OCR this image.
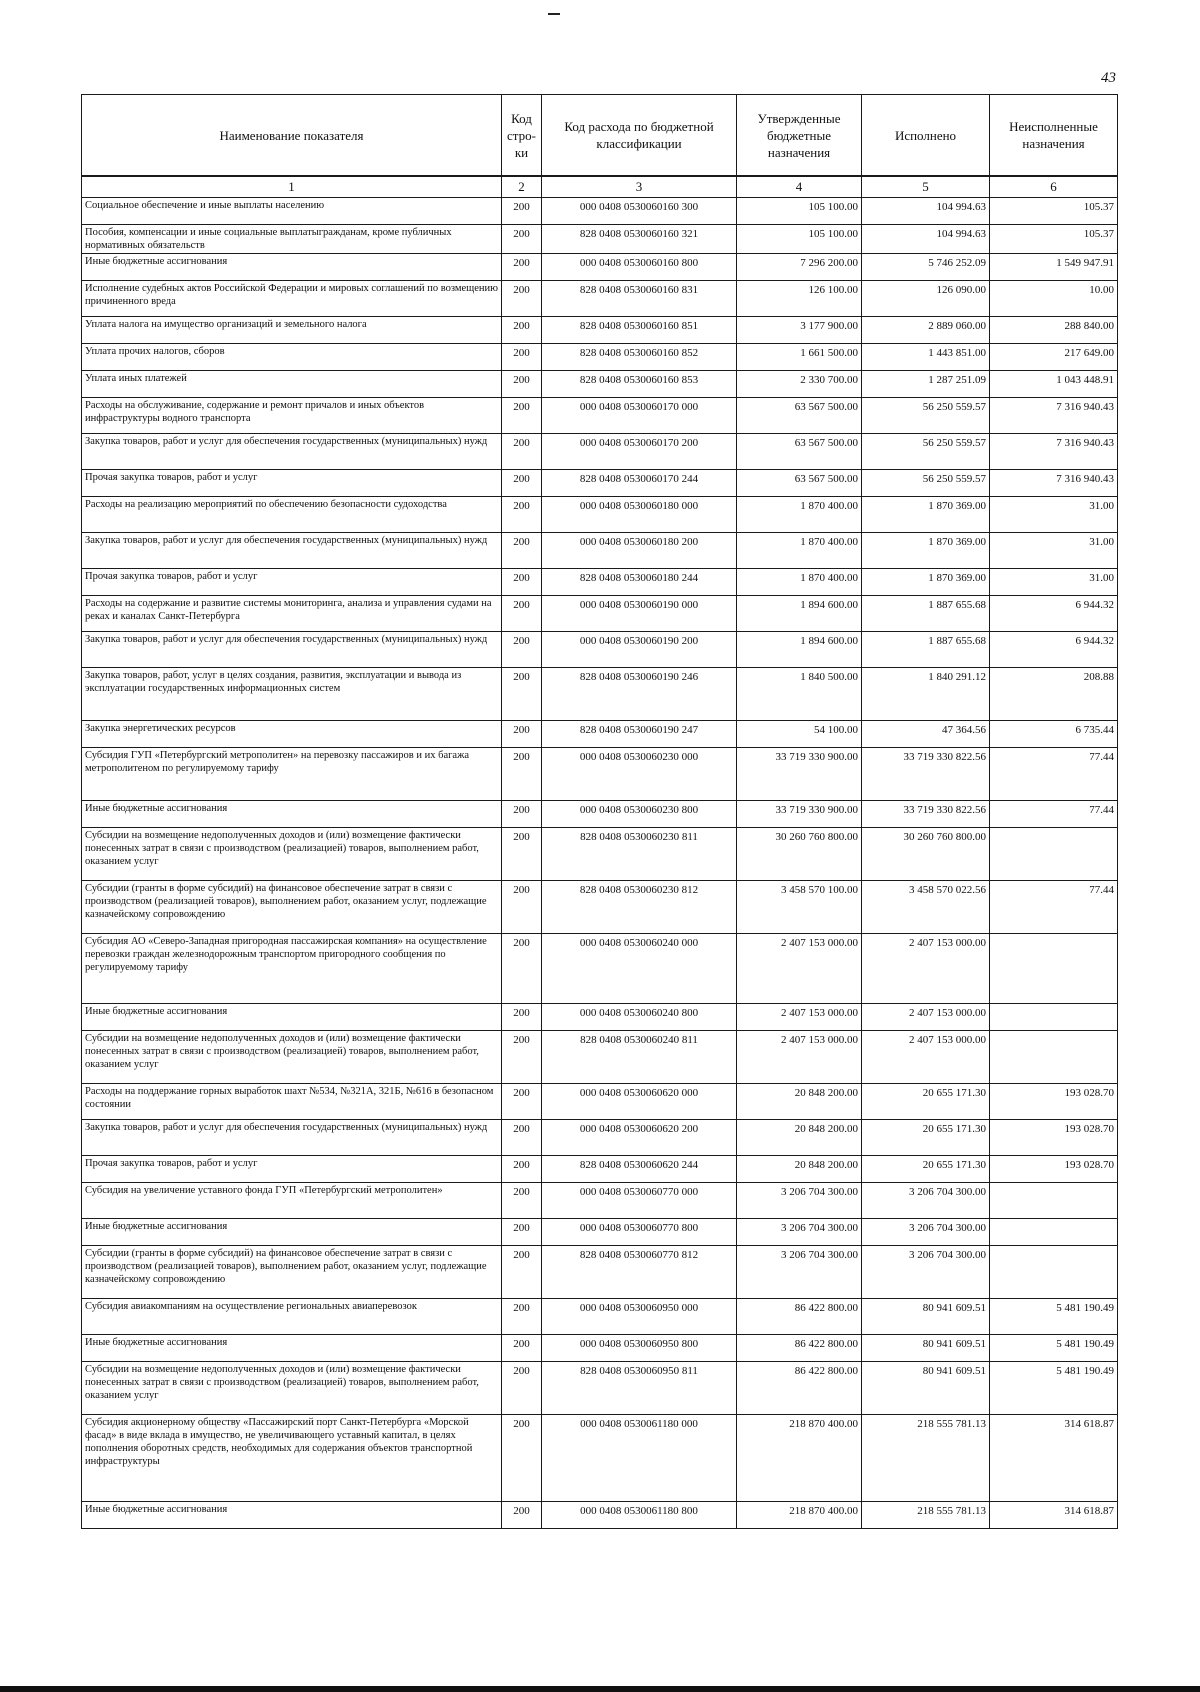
43
Наименование показателя	Код стро- ки	Код расхода по бюджетной классификации	Утвержденные бюджетные назначения	Исполнено	Неисполненные назначения
1	2	3	4	5	6
Социальное обеспечение и иные выплаты населению	200	000 0408 0530060160 300	105 100.00	104 994.63	105.37
Пособия, компенсации и иные социальные выплатыгражданам, кроме публичных нормативных обязательств	200	828 0408 0530060160 321	105 100.00	104 994.63	105.37
Иные бюджетные ассигнования	200	000 0408 0530060160 800	7 296 200.00	5 746 252.09	1 549 947.91
Исполнение судебных актов Российской Федерации и мировых соглашений по возмещению причиненного вреда	200	828 0408 0530060160 831	126 100.00	126 090.00	10.00
Уплата налога на имущество организаций и земельного налога	200	828 0408 0530060160 851	3 177 900.00	2 889 060.00	288 840.00
Уплата прочих налогов, сборов	200	828 0408 0530060160 852	1 661 500.00	1 443 851.00	217 649.00
Уплата иных платежей	200	828 0408 0530060160 853	2 330 700.00	1 287 251.09	1 043 448.91
Расходы на обслуживание, содержание и ремонт причалов и иных объектов инфраструктуры водного транспорта	200	000 0408 0530060170 000	63 567 500.00	56 250 559.57	7 316 940.43
Закупка товаров, работ и услуг для обеспечения государственных (муниципальных) нужд	200	000 0408 0530060170 200	63 567 500.00	56 250 559.57	7 316 940.43
Прочая закупка товаров, работ и услуг	200	828 0408 0530060170 244	63 567 500.00	56 250 559.57	7 316 940.43
Расходы на реализацию мероприятий по обеспечению безопасности судоходства	200	000 0408 0530060180 000	1 870 400.00	1 870 369.00	31.00
Закупка товаров, работ и услуг для обеспечения государственных (муниципальных) нужд	200	000 0408 0530060180 200	1 870 400.00	1 870 369.00	31.00
Прочая закупка товаров, работ и услуг	200	828 0408 0530060180 244	1 870 400.00	1 870 369.00	31.00
Расходы на содержание и развитие системы мониторинга, анализа и управления судами на реках и каналах Санкт-Петербурга	200	000 0408 0530060190 000	1 894 600.00	1 887 655.68	6 944.32
Закупка товаров, работ и услуг для обеспечения государственных (муниципальных) нужд	200	000 0408 0530060190 200	1 894 600.00	1 887 655.68	6 944.32
Закупка товаров, работ, услуг в целях создания, развития, эксплуатации и вывода из эксплуатации государственных информационных систем	200	828 0408 0530060190 246	1 840 500.00	1 840 291.12	208.88
Закупка энергетических ресурсов	200	828 0408 0530060190 247	54 100.00	47 364.56	6 735.44
Субсидия ГУП «Петербургский метрополитен» на перевозку пассажиров и их багажа метрополитеном по регулируемому тарифу	200	000 0408 0530060230 000	33 719 330 900.00	33 719 330 822.56	77.44
Иные бюджетные ассигнования	200	000 0408 0530060230 800	33 719 330 900.00	33 719 330 822.56	77.44
Субсидии на возмещение недополученных доходов и (или) возмещение фактически понесенных затрат в связи с производством (реализацией) товаров, выполнением работ, оказанием услуг	200	828 0408 0530060230 811	30 260 760 800.00	30 260 760 800.00	
Субсидии (гранты в форме субсидий) на финансовое обеспечение затрат в связи с производством (реализацией товаров), выполнением работ, оказанием услуг, подлежащие казначейскому сопровождению	200	828 0408 0530060230 812	3 458 570 100.00	3 458 570 022.56	77.44
Субсидия АО «Северо-Западная пригородная пассажирская компания» на осуществление перевозки граждан железнодорожным транспортом пригородного сообщения по регулируемому тарифу	200	000 0408 0530060240 000	2 407 153 000.00	2 407 153 000.00	
Иные бюджетные ассигнования	200	000 0408 0530060240 800	2 407 153 000.00	2 407 153 000.00	
Субсидии на возмещение недополученных доходов и (или) возмещение фактически понесенных затрат в связи с производством (реализацией) товаров, выполнением работ, оказанием услуг	200	828 0408 0530060240 811	2 407 153 000.00	2 407 153 000.00	
Расходы на поддержание горных выработок шахт №534, №321А, 321Б, №616 в безопасном состоянии	200	000 0408 0530060620 000	20 848 200.00	20 655 171.30	193 028.70
Закупка товаров, работ и услуг для обеспечения государственных (муниципальных) нужд	200	000 0408 0530060620 200	20 848 200.00	20 655 171.30	193 028.70
Прочая закупка товаров, работ и услуг	200	828 0408 0530060620 244	20 848 200.00	20 655 171.30	193 028.70
Субсидия на увеличение уставного фонда ГУП «Петербургский метрополитен»	200	000 0408 0530060770 000	3 206 704 300.00	3 206 704 300.00	
Иные бюджетные ассигнования	200	000 0408 0530060770 800	3 206 704 300.00	3 206 704 300.00	
Субсидии (гранты в форме субсидий) на финансовое обеспечение затрат в связи с производством (реализацией товаров), выполнением работ, оказанием услуг, подлежащие казначейскому сопровождению	200	828 0408 0530060770 812	3 206 704 300.00	3 206 704 300.00	
Субсидия авиакомпаниям на осуществление региональных авиаперевозок	200	000 0408 0530060950 000	86 422 800.00	80 941 609.51	5 481 190.49
Иные бюджетные ассигнования	200	000 0408 0530060950 800	86 422 800.00	80 941 609.51	5 481 190.49
Субсидии на возмещение недополученных доходов и (или) возмещение фактически понесенных затрат в связи с производством (реализацией) товаров, выполнением работ, оказанием услуг	200	828 0408 0530060950 811	86 422 800.00	80 941 609.51	5 481 190.49
Субсидия акционерному обществу «Пассажирский порт Санкт-Петербурга «Морской фасад» в виде вклада в имущество, не увеличивающего уставный капитал, в целях пополнения оборотных средств, необходимых для содержания объектов транспортной инфраструктуры	200	000 0408 0530061180 000	218 870 400.00	218 555 781.13	314 618.87
Иные бюджетные ассигнования	200	000 0408 0530061180 800	218 870 400.00	218 555 781.13	314 618.87
